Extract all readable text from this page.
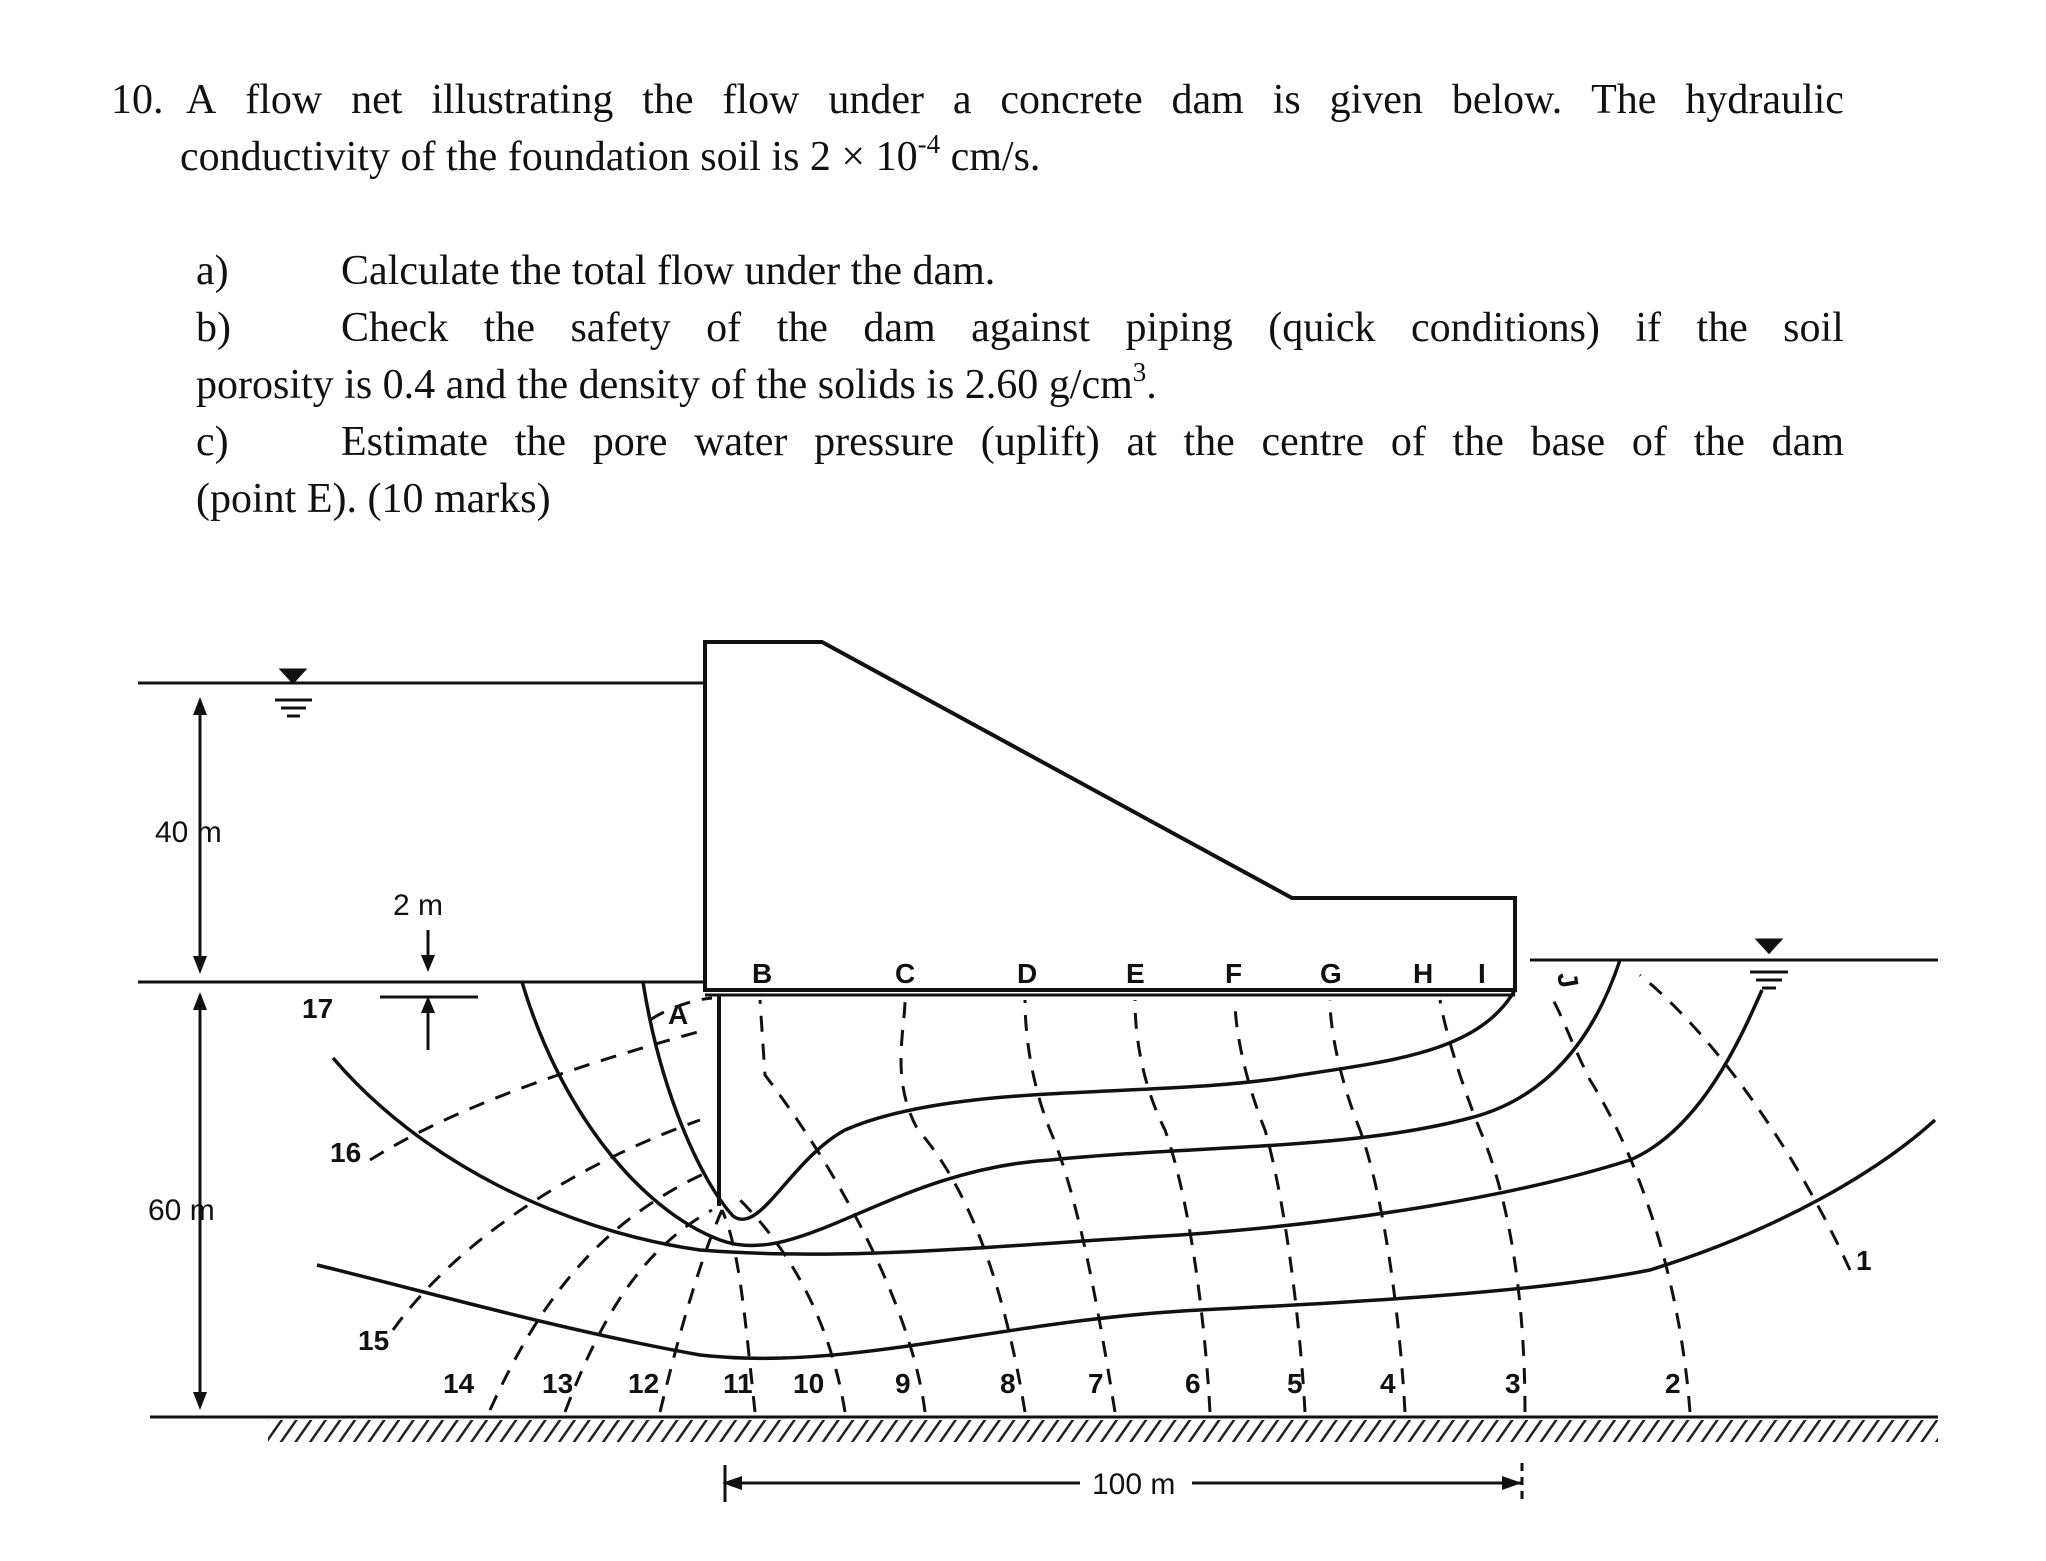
10. A flow net illustrating the flow under a concrete dam is given below. The hydraulic
conductivity of the foundation soil is $2 \times 10^{-4}$ cm/s.
a)	Calculate the total flow under the dam.
b)	Check the safety of the dam against piping (quick conditions) if the soil
porosity is 0.4 and the density of the solids is 2.60 $g/cm^3$.
c)	Estimate the pore water pressure (uplift) at the centre of the base of the dam
(point E). (10 marks)
40 m
60 m
2 m
100 m
A
B	C	D	E	F	G	H I J
17
16
15
14 13 12 11 10	9	8	7	6	5	4	3	2
1
